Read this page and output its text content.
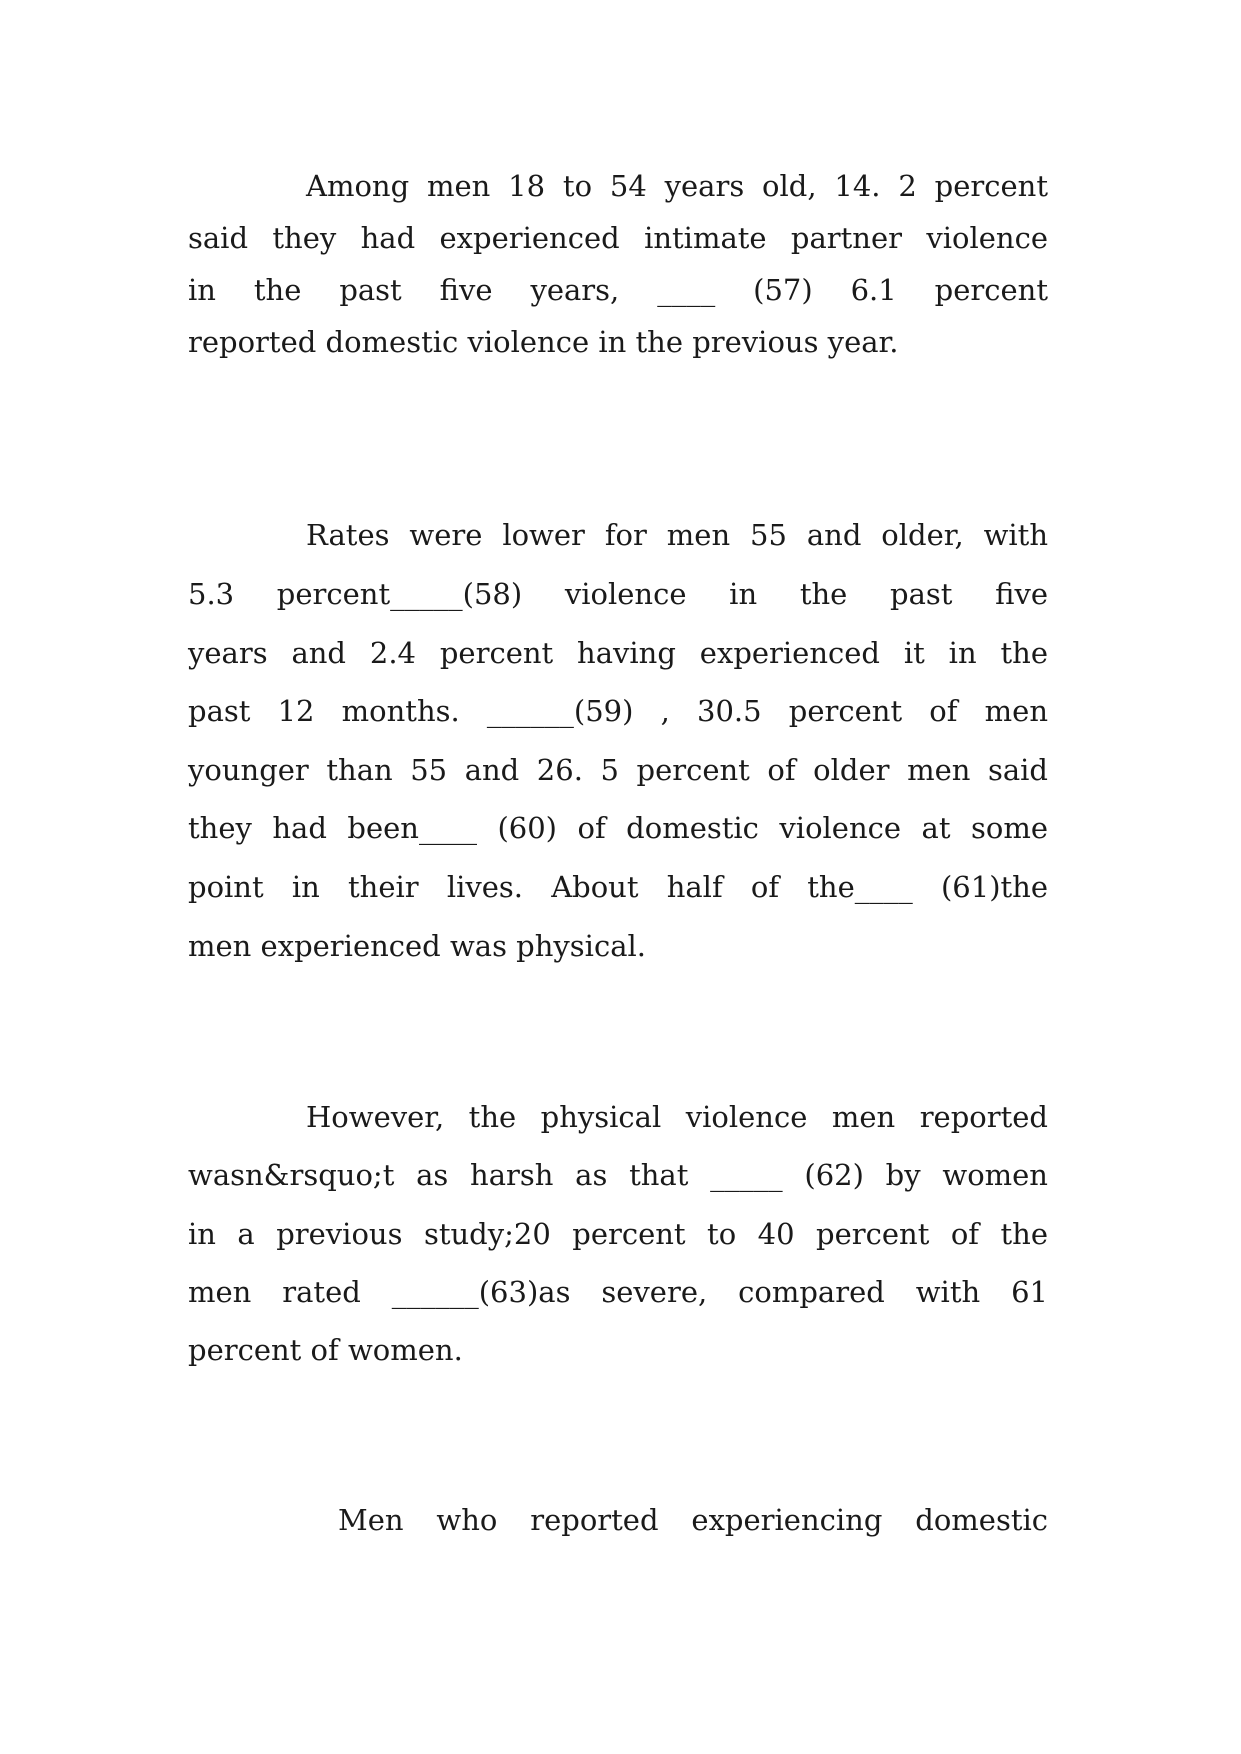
Among men 18 to 54 years old, 14. 2 percent
said they had experienced intimate partner violence
in the past five years, ____ (57) 6.1 percent
reported domestic violence in the previous year.
Rates were lower for men 55 and older, with
5.3 percent_____(58) violence in the past five
years and 2.4 percent having experienced it in the
past 12 months. ______(59) , 30.5 percent of men
younger than 55 and 26. 5 percent of older men said
they had been____ (60) of domestic violence at some
point in their lives. About half of the____ (61)the
men experienced was physical.
However, the physical violence men reported
wasn&rsquo;t as harsh as that _____ (62) by women
in a previous study;20 percent to 40 percent of the
men rated ______(63)as severe, compared with 61
percent of women.
Men who reported experiencing domestic
